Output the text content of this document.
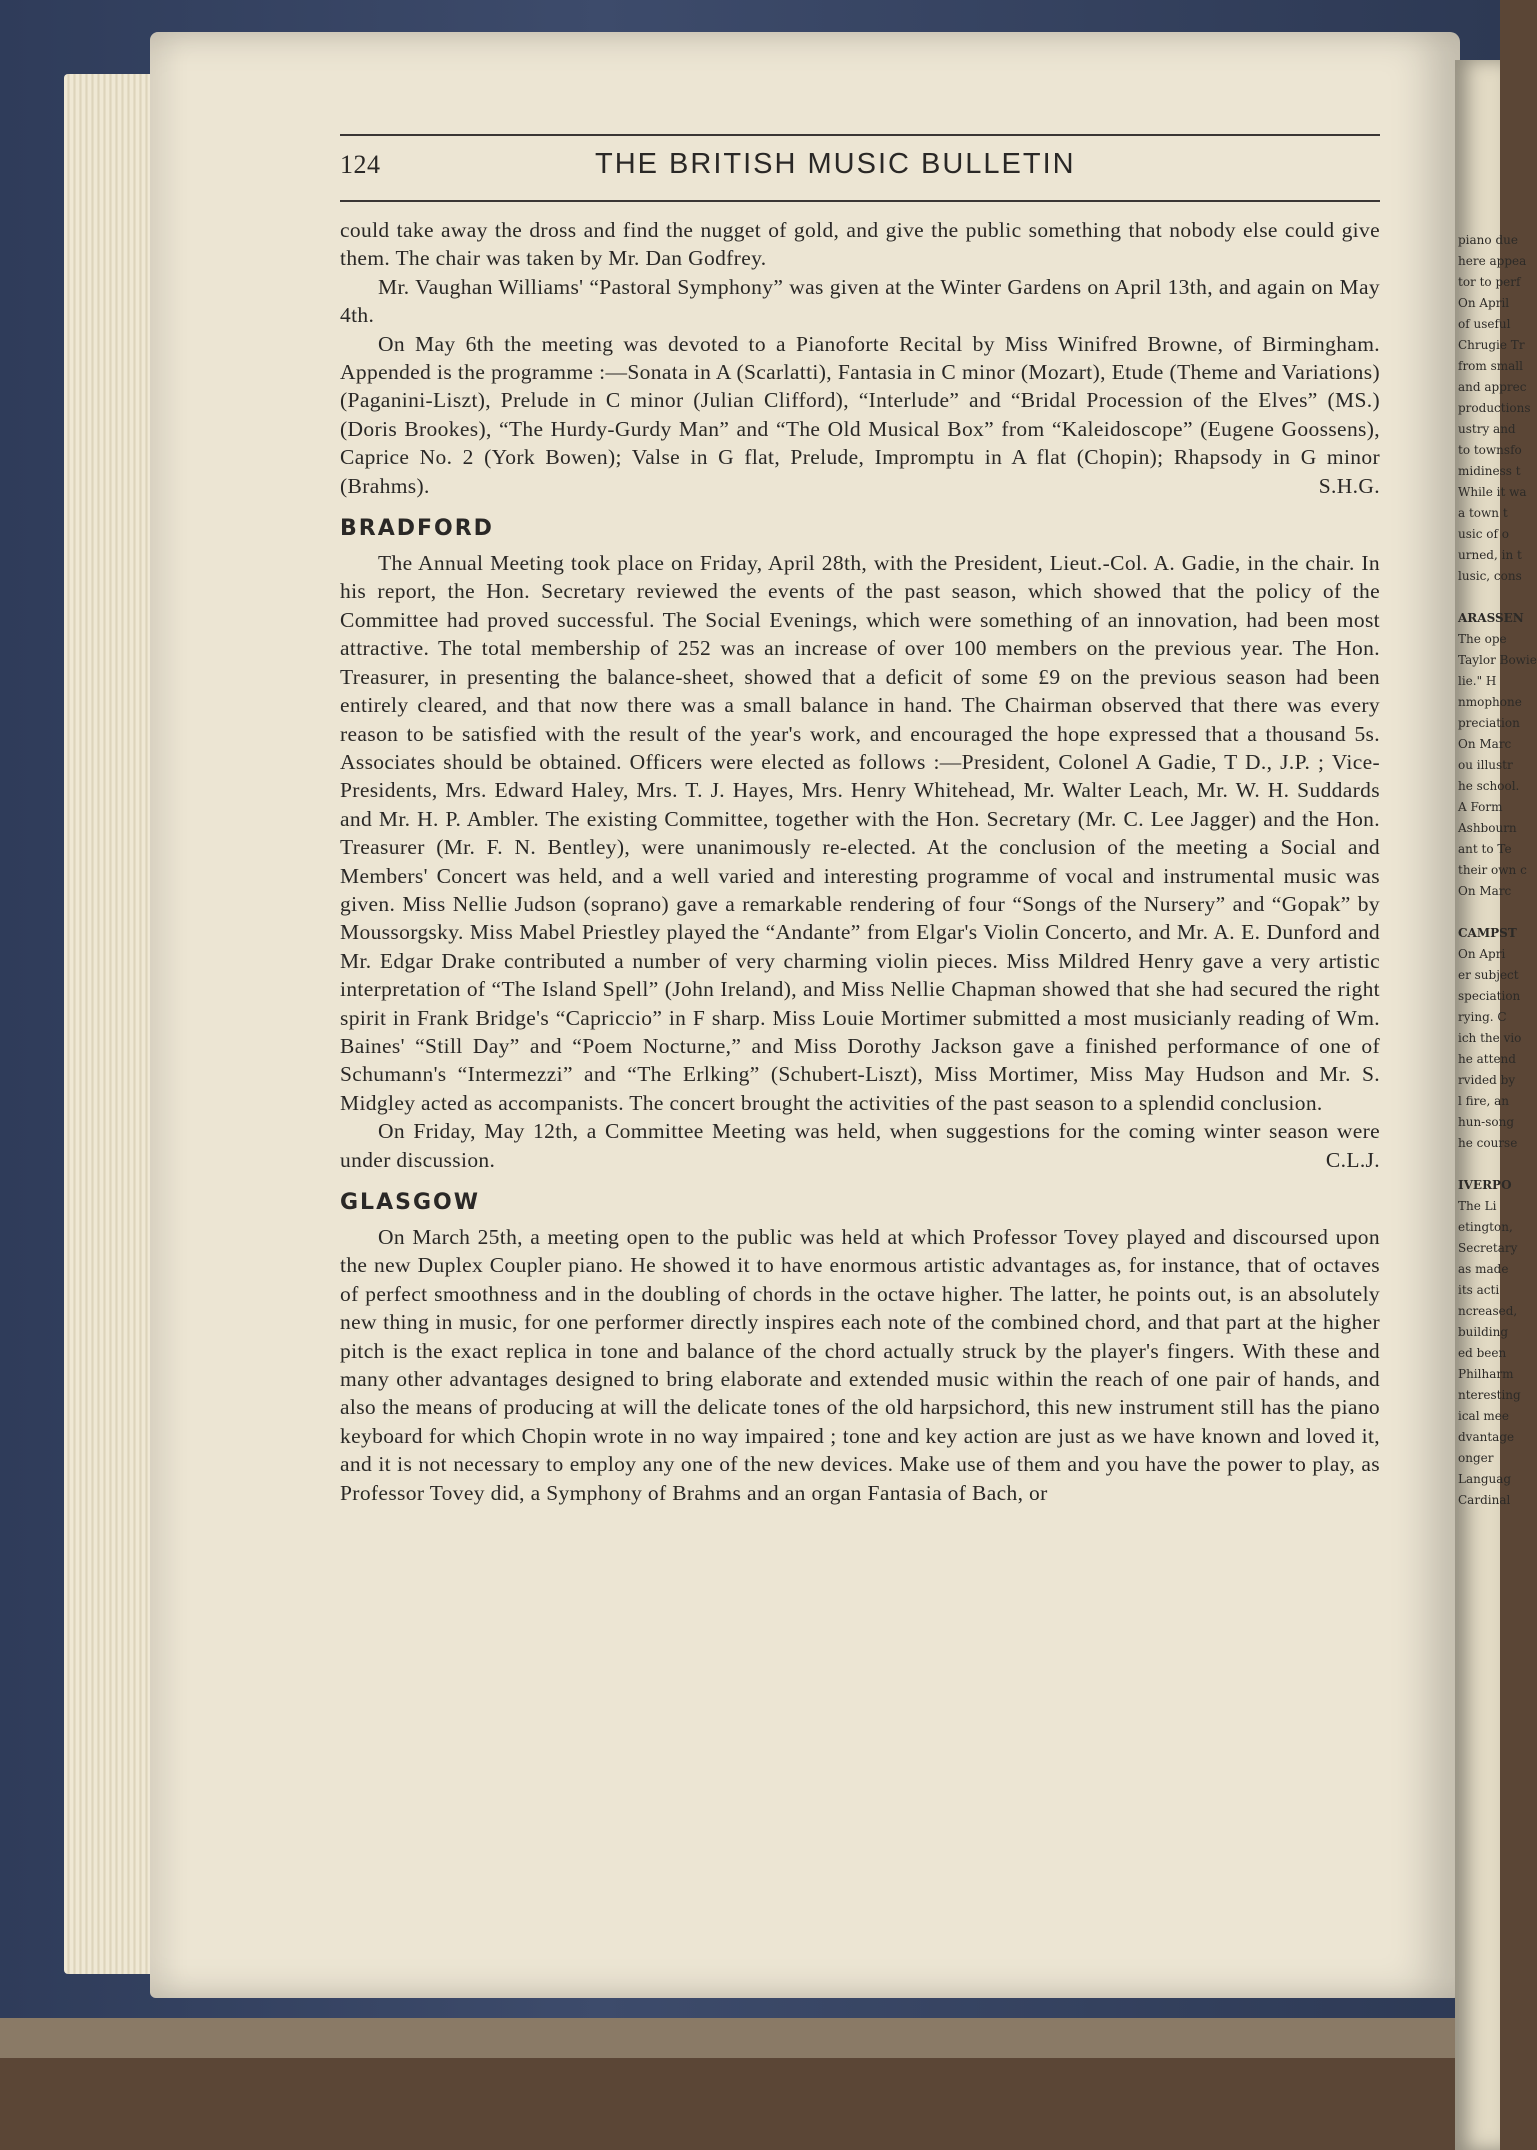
piano due
here appea
tor to perf
On April
of useful
Chrugie Tr
from small
and apprec
productions
ustry and
to townsfo
midiness t
While it wa
a town t
usic of o
urned, in t
lusic, cons

ARASSEN
The ope
Taylor Bowie
lie." H
nmophone
preciation
On Marc
ou illustr
he school.
A Form
Ashbourn
ant to Te
their own c
On Marc

CAMPST
On Apri
er subject
speciation
rying. C
ich the vio
he attend
rvided by
l fire, an
hun-song
he course

IVERPO
The Li
etington,
Secretary
as made
its acti
ncreased,
building
ed been
Philharm
nteresting
ical mee
dvantage
onger
Languag
Cardinal
124	THE BRITISH MUSIC BULLETIN

could take away the dross and find the nugget of gold, and give the public something that nobody else could give them. The chair was taken by Mr. Dan Godfrey.

Mr. Vaughan Williams' “Pastoral Symphony” was given at the Winter Gardens on April 13th, and again on May 4th.

On May 6th the meeting was devoted to a Pianoforte Recital by Miss Winifred Browne, of Birmingham. Appended is the programme :—Sonata in A (Scarlatti), Fantasia in C minor (Mozart), Etude (Theme and Variations) (Paganini-Liszt), Prelude in C minor (Julian Clifford), “Interlude” and “Bridal Procession of the Elves” (MS.) (Doris Brookes), “The Hurdy-Gurdy Man” and “The Old Musical Box” from “Kaleidoscope” (Eugene Goossens), Caprice No. 2 (York Bowen); Valse in G flat, Prelude, Impromptu in A flat (Chopin); Rhapsody in G minor (Brahms).	S.H.G.

BRADFORD

The Annual Meeting took place on Friday, April 28th, with the President, Lieut.-Col. A. Gadie, in the chair. In his report, the Hon. Secretary reviewed the events of the past season, which showed that the policy of the Committee had proved successful. The Social Evenings, which were something of an innovation, had been most attractive. The total membership of 252 was an increase of over 100 members on the previous year. The Hon. Treasurer, in presenting the balance-sheet, showed that a deficit of some £9 on the previous season had been entirely cleared, and that now there was a small balance in hand. The Chairman observed that there was every reason to be satisfied with the result of the year's work, and encouraged the hope expressed that a thousand 5s. Associates should be obtained. Officers were elected as follows :—President, Colonel A Gadie, T D., J.P. ; Vice-Presidents, Mrs. Edward Haley, Mrs. T. J. Hayes, Mrs. Henry Whitehead, Mr. Walter Leach, Mr. W. H. Suddards and Mr. H. P. Ambler. The existing Committee, together with the Hon. Secretary (Mr. C. Lee Jagger) and the Hon. Treasurer (Mr. F. N. Bentley), were unanimously re-elected. At the conclusion of the meeting a Social and Members' Concert was held, and a well varied and interesting programme of vocal and instrumental music was given. Miss Nellie Judson (soprano) gave a remarkable rendering of four “Songs of the Nursery” and “Gopak” by Moussorgsky. Miss Mabel Priestley played the “Andante” from Elgar's Violin Concerto, and Mr. A. E. Dunford and Mr. Edgar Drake contributed a number of very charming violin pieces. Miss Mildred Henry gave a very artistic interpretation of “The Island Spell” (John Ireland), and Miss Nellie Chapman showed that she had secured the right spirit in Frank Bridge's “Capriccio” in F sharp. Miss Louie Mortimer submitted a most musicianly reading of Wm. Baines' “Still Day” and “Poem Nocturne,” and Miss Dorothy Jackson gave a finished performance of one of Schumann's “Intermezzi” and “The Erlking” (Schubert-Liszt), Miss Mortimer, Miss May Hudson and Mr. S. Midgley acted as accompanists. The concert brought the activities of the past season to a splendid conclusion.

On Friday, May 12th, a Committee Meeting was held, when suggestions for the coming winter season were under discussion.	C.L.J.

GLASGOW

On March 25th, a meeting open to the public was held at which Professor Tovey played and discoursed upon the new Duplex Coupler piano. He showed it to have enormous artistic advantages as, for instance, that of octaves of perfect smoothness and in the doubling of chords in the octave higher. The latter, he points out, is an absolutely new thing in music, for one performer directly inspires each note of the combined chord, and that part at the higher pitch is the exact replica in tone and balance of the chord actually struck by the player's fingers. With these and many other advantages designed to bring elaborate and extended music within the reach of one pair of hands, and also the means of producing at will the delicate tones of the old harpsichord, this new instrument still has the piano keyboard for which Chopin wrote in no way impaired ; tone and key action are just as we have known and loved it, and it is not necessary to employ any one of the new devices. Make use of them and you have the power to play, as Professor Tovey did, a Symphony of Brahms and an organ Fantasia of Bach, or
